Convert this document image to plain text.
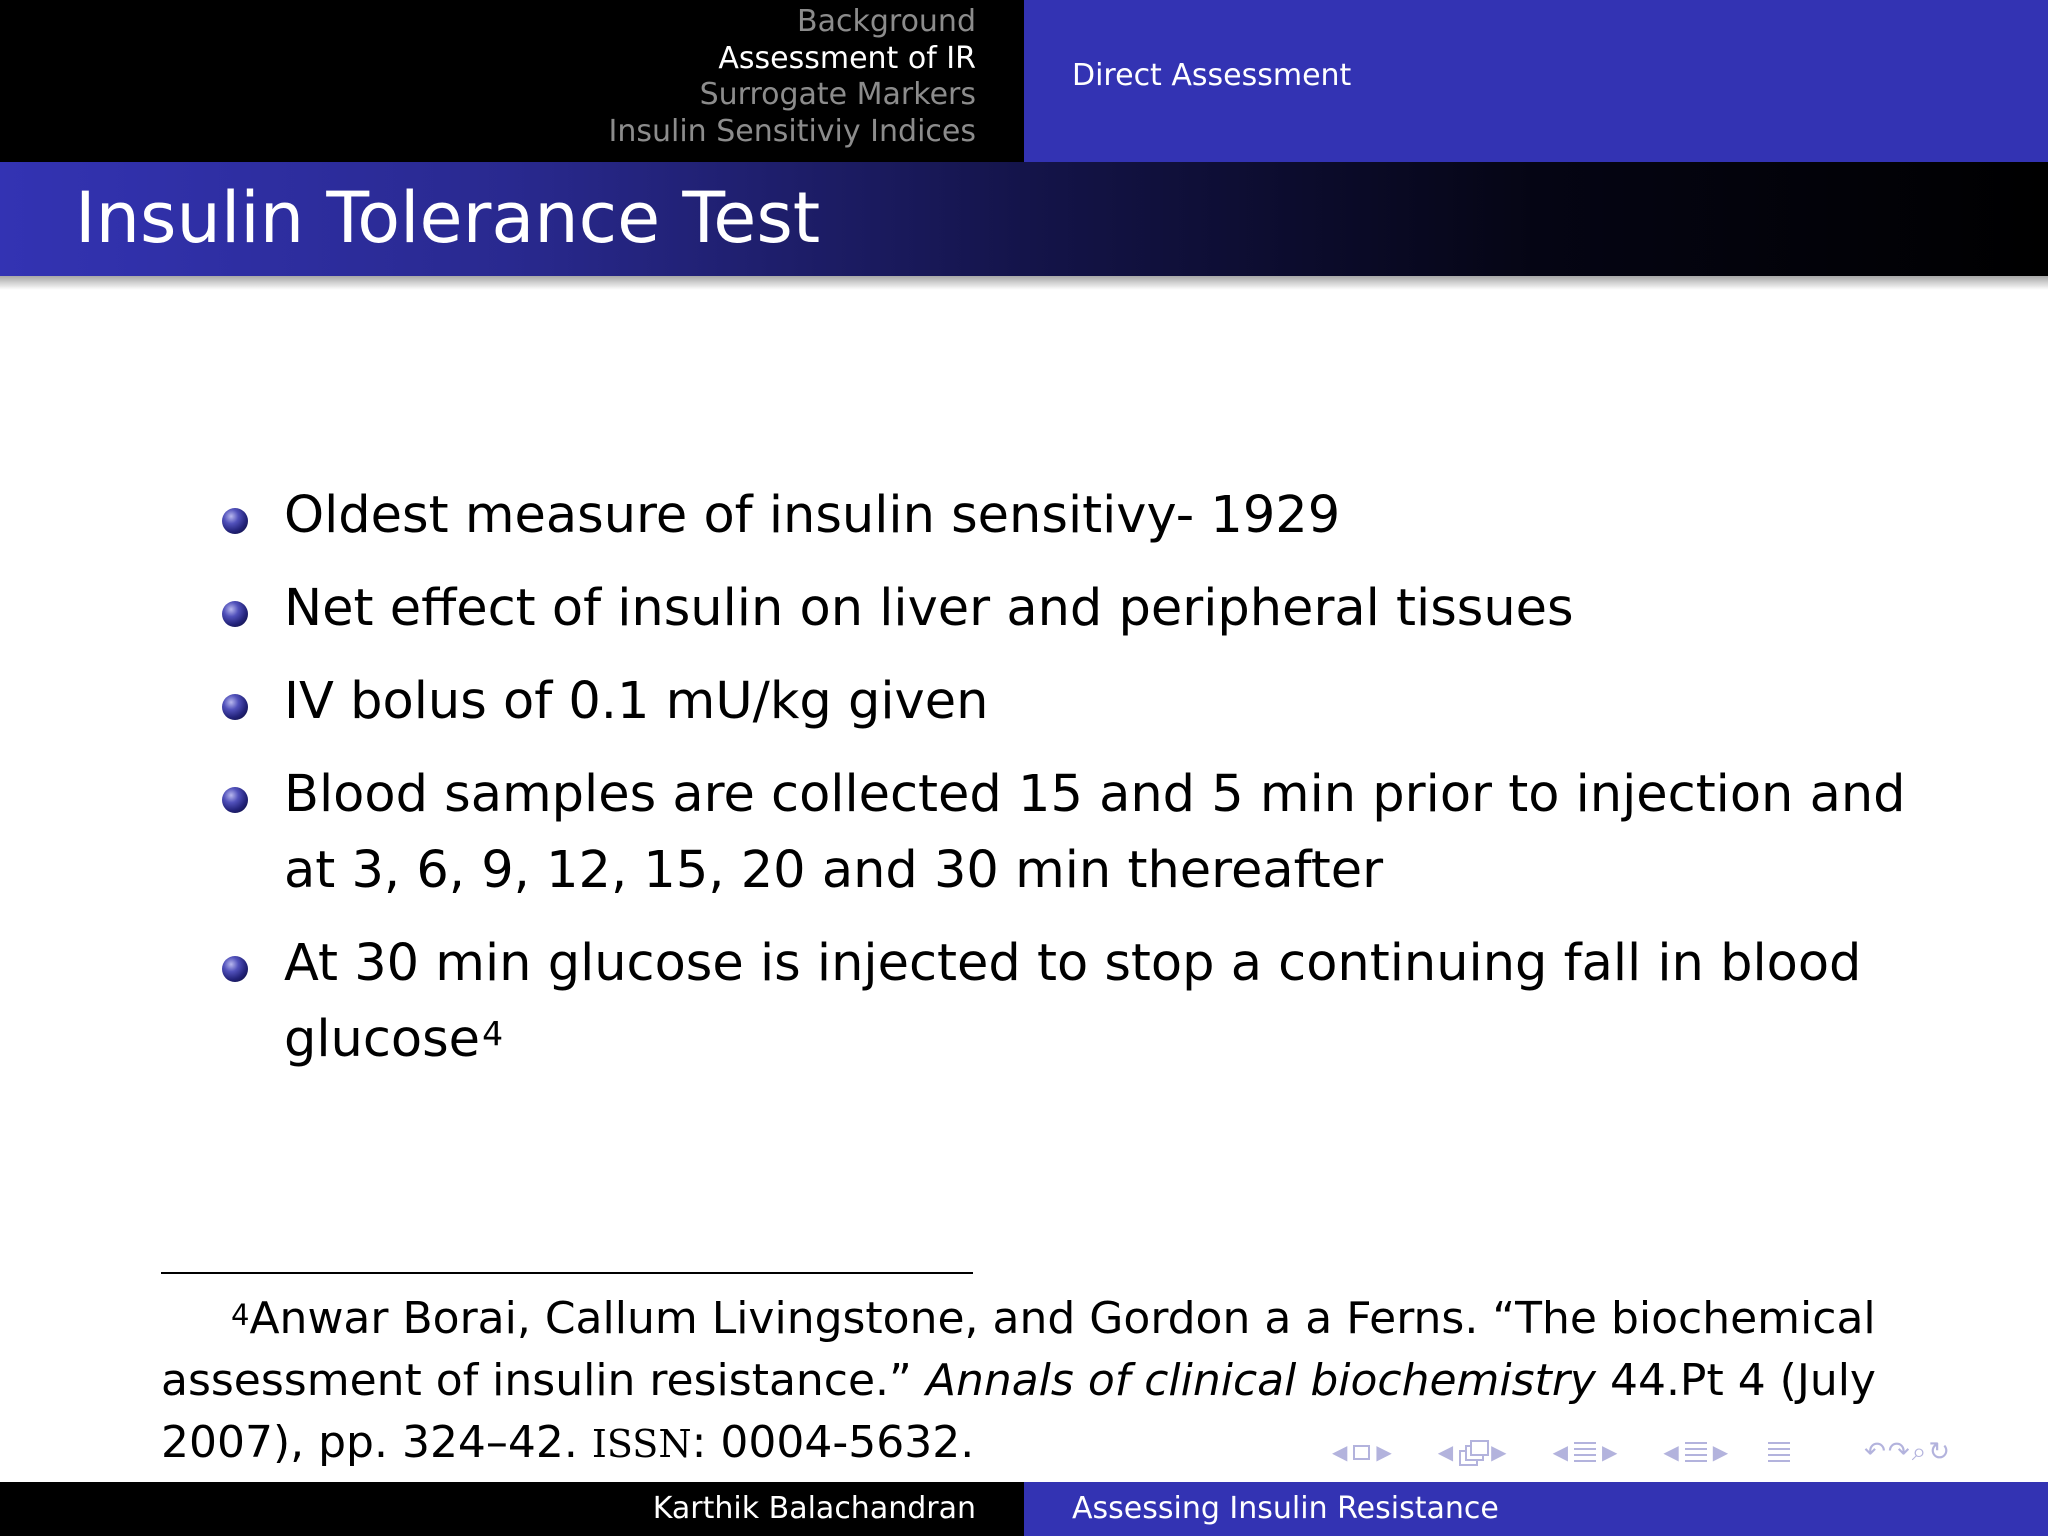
Background
Assessment of IR
Surrogate Markers
Insulin Sensitiviy Indices
Direct Assessment
Insulin Tolerance Test
Oldest measure of insulin sensitivy- 1929
Net effect of insulin on liver and peripheral tissues
IV bolus of 0.1 mU/kg given
Blood samples are collected 15 and 5 min prior to injection and at 3, 6, 9, 12, 15, 20 and 30 min thereafter
At 30 min glucose is injected to stop a continuing fall in blood glucose$^4$

$^4$Anwar Borai, Callum Livingstone, and Gordon a a Ferns. “The biochemical assessment of insulin resistance.” Annals of clinical biochemistry 44.Pt 4 (July 2007), pp. 324–42. ISSN: 0004-5632.	◀ ▶ ◀ ▶ ◀ ▶ ◀ ▶	↶↷⌕↻
Karthik Balachandran	Assessing Insulin Resistance
